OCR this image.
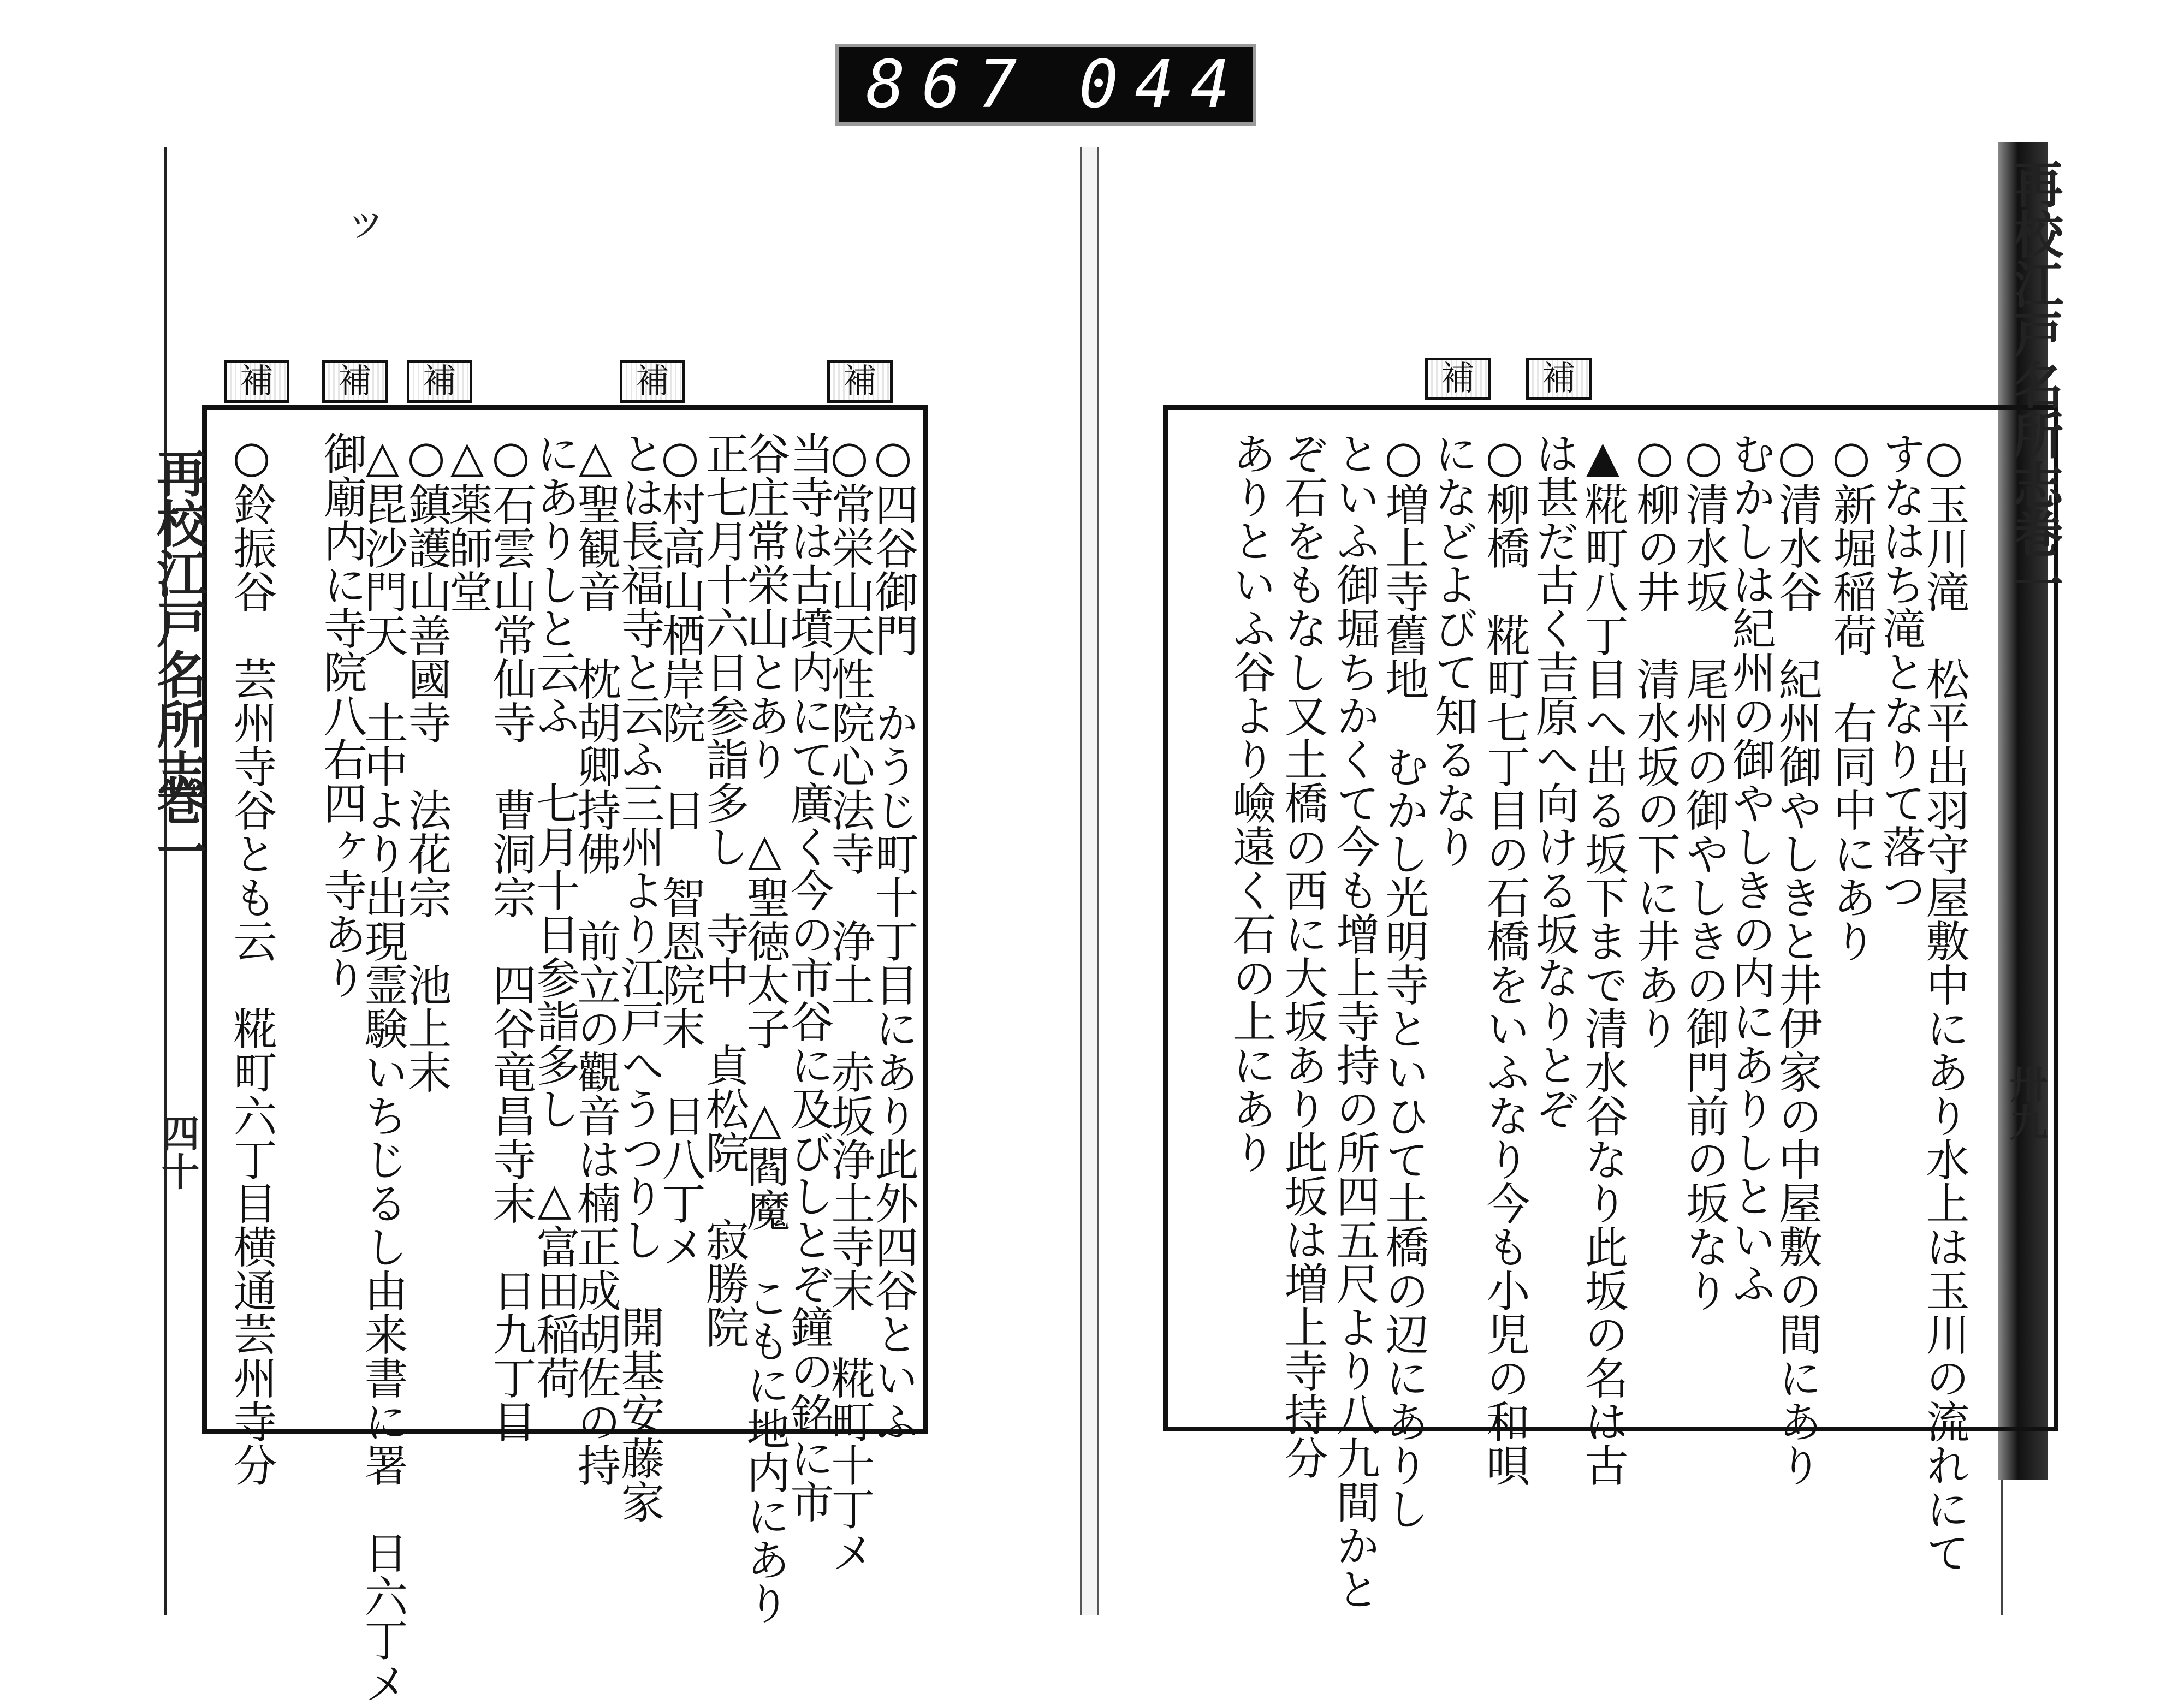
867 044
補	補	補	補	補
ッ
再校江戸名所志
巻一
四十	○四谷御門　かうじ町十丁目にあり此外四谷といふ
○常栄山天性院心法寺　浄土　赤坂浄土寺末　糀町十丁メ
当寺は古墳内にて廣く今の市谷に及びしとぞ鐘の銘に市
谷庄常栄山とあり　△聖徳太子　△閻魔　こもに地内にあり
正七月十六日参詣多し　寺中　貞松院　寂勝院
○村高山栖岸院　日　智恩院末　日八丁メ
とは長福寺と云ふ三州より江戸へうつりし　開基安藤家
△聖観音　枕胡卿持佛　前立の觀音は楠正成胡佐の持
にありしと云ふ　七月十日参詣多し　△富田稲荷
○石雲山常仙寺　曹洞宗　四谷竜昌寺末　日九丁目
△薬師堂
○鎮護山善國寺　法花宗　池上末
△毘沙門天　土中より出現霊験いちじるし由来書に署　日六丁メ
御廟内に寺院八右四ヶ寺あり
○鈴振谷　芸州寺谷とも云　糀町六丁目横通芸州寺分
補	補	再校江戸名所志
巻一
卅九
○玉川滝　松平出羽守屋敷中にあり水上は玉川の流れにて
すなはち滝となりて落つ
○新堀稲荷　右同中にあり
○清水谷　紀州御やしきと井伊家の中屋敷の間にあり
むかしは紀州の御やしきの内にありしといふ
○清水坂　尾州の御やしきの御門前の坂なり
○柳の井　清水坂の下に井あり
▲糀町八丁目へ出る坂下まで清水谷なり此坂の名は古
は甚だ古く吉原へ向ける坂なりとぞ
○柳橋　糀町七丁目の石橋をいふなり今も小児の和唄
になどよびて知るなり
○増上寺舊地　むかし光明寺といひて土橋の辺にありし
といふ御堀ちかくて今も增上寺持の所四五尺より八九間かと
ぞ石をもなし又土橋の西に大坂あり此坂は増上寺持分
ありといふ谷より嶮遠く石の上にあり
